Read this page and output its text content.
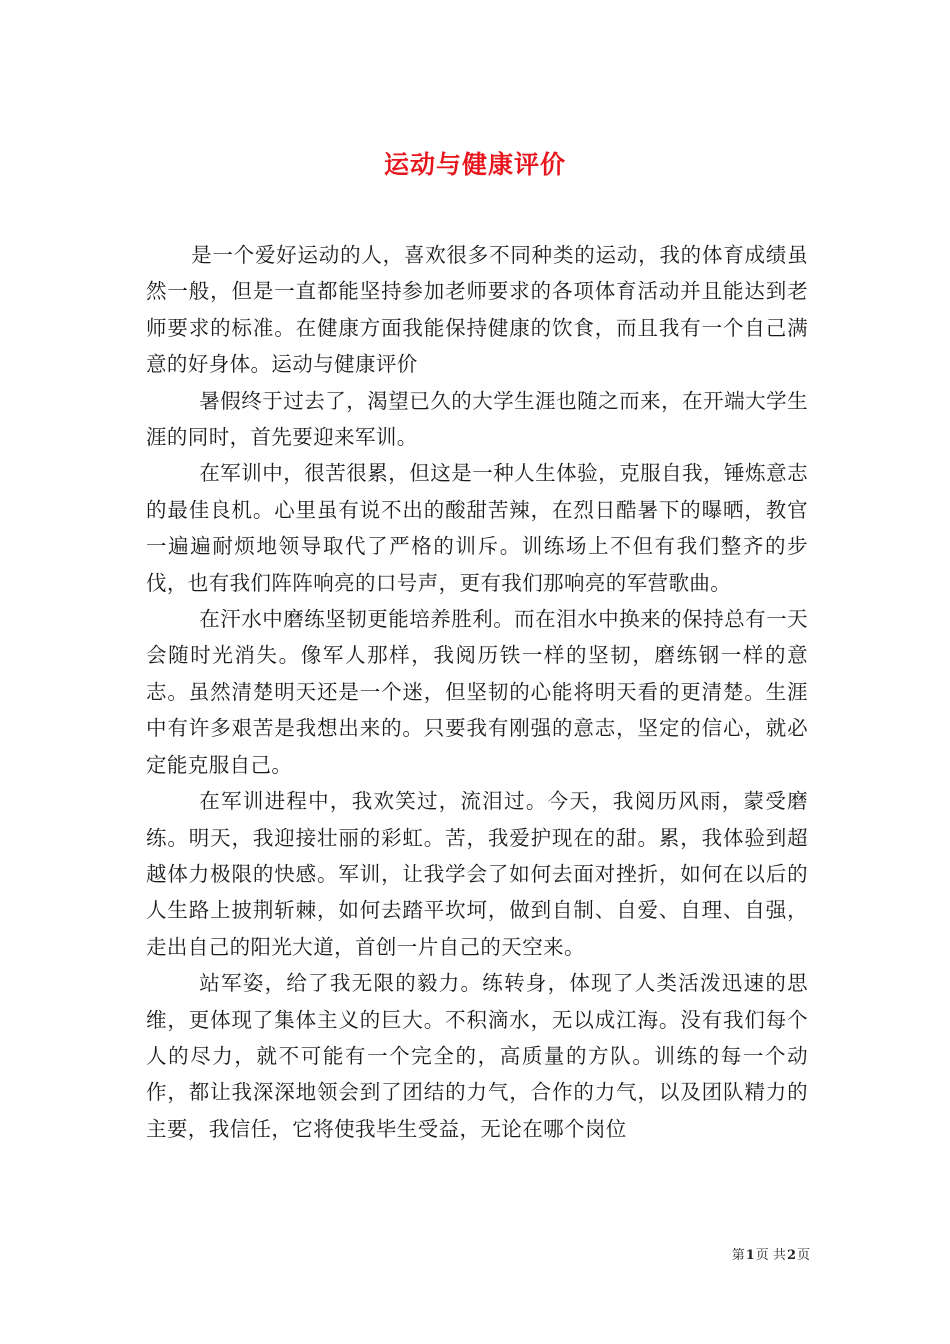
运动与健康评价

是一个爱好运动的人，喜欢很多不同种类的运动，我的体育成绩虽然一般，但是一直都能坚持参加老师要求的各项体育活动并且能达到老师要求的标准。在健康方面我能保持健康的饮食，而且我有一个自己满意的好身体。运动与健康评价

暑假终于过去了，渴望已久的大学生涯也随之而来，在开端大学生涯的同时，首先要迎来军训。

在军训中，很苦很累，但这是一种人生体验，克服自我，锤炼意志的最佳良机。心里虽有说不出的酸甜苦辣，在烈日酷暑下的曝晒，教官一遍遍耐烦地领导取代了严格的训斥。训练场上不但有我们整齐的步伐，也有我们阵阵响亮的口号声，更有我们那响亮的军营歌曲。

在汗水中磨练坚韧更能培养胜利。而在泪水中换来的保持总有一天会随时光消失。像军人那样，我阅历铁一样的坚韧，磨练钢一样的意志。虽然清楚明天还是一个迷，但坚韧的心能将明天看的更清楚。生涯中有许多艰苦是我想出来的。只要我有刚强的意志，坚定的信心，就必定能克服自己。

在军训进程中，我欢笑过，流泪过。今天，我阅历风雨，蒙受磨练。明天，我迎接壮丽的彩虹。苦，我爱护现在的甜。累，我体验到超越体力极限的快感。军训，让我学会了如何去面对挫折，如何在以后的人生路上披荆斩棘，如何去踏平坎坷，做到自制、自爱、自理、自强，走出自己的阳光大道，首创一片自己的天空来。

站军姿，给了我无限的毅力。练转身，体现了人类活泼迅速的思维，更体现了集体主义的巨大。不积滴水，无以成江海。没有我们每个人的尽力，就不可能有一个完全的，高质量的方队。训练的每一个动作，都让我深深地领会到了团结的力气，合作的力气，以及团队精力的主要，我信任，它将使我毕生受益，无论在哪个岗位

第1页 共2页
